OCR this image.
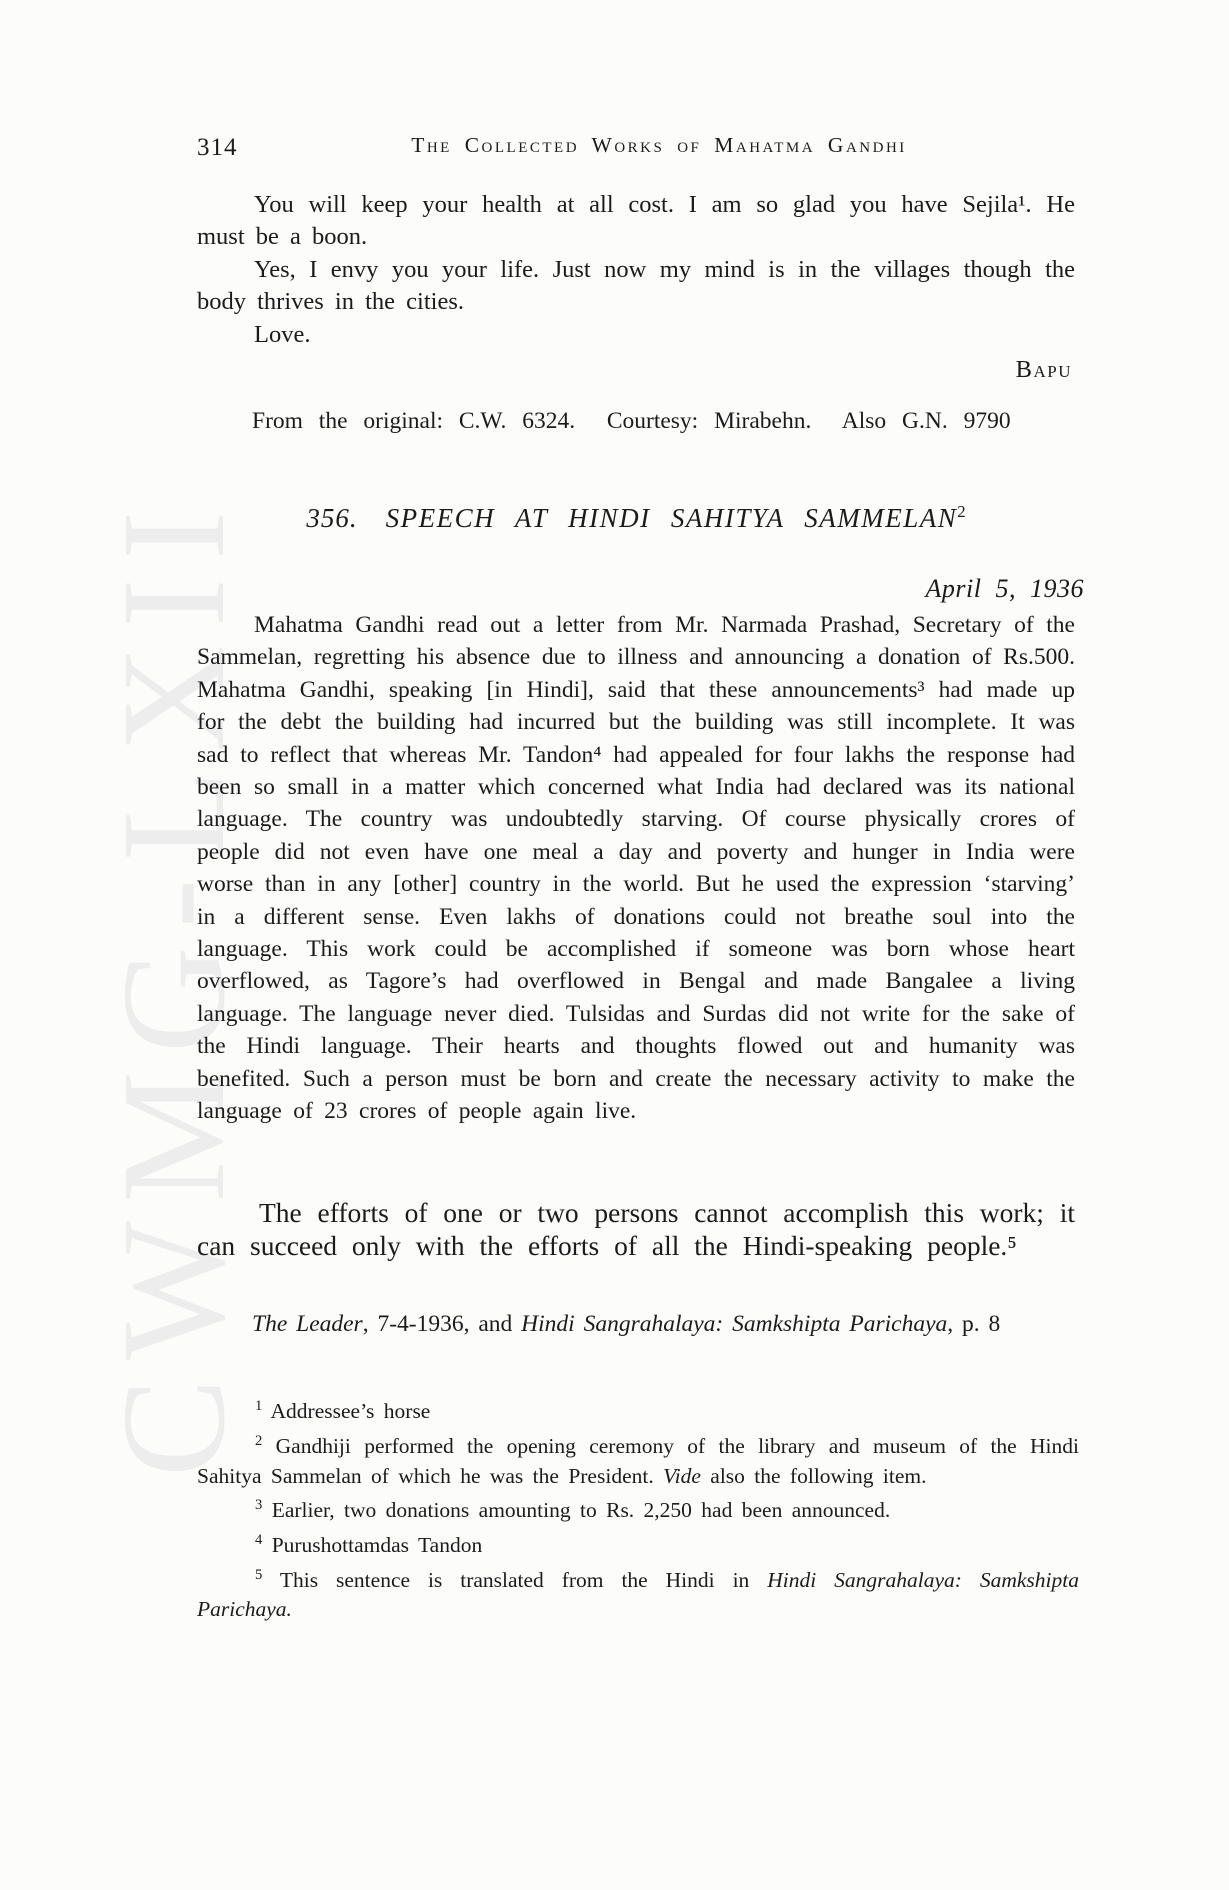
CWMG-LXII
314	The Collected Works of Mahatma Gandhi

You will keep your health at all cost. I am so glad you have Sejila¹. He must be a boon.

Yes, I envy you your life. Just now my mind is in the villages though the body thrives in the cities.

Love.

Bapu

From the original: C.W. 6324.  Courtesy: Mirabehn.  Also G.N. 9790

356. SPEECH AT HINDI SAHITYA SAMMELAN$^2$

April 5, 1936

Mahatma Gandhi read out a letter from Mr. Narmada Prashad, Secretary of the Sammelan, regretting his absence due to illness and announcing a donation of Rs.500. Mahatma Gandhi, speaking [in Hindi], said that these announcements³ had made up for the debt the building had incurred but the building was still incomplete. It was sad to reflect that whereas Mr. Tandon⁴ had appealed for four lakhs the response had been so small in a matter which concerned what India had declared was its national language. The country was undoubtedly starving. Of course physically crores of people did not even have one meal a day and poverty and hunger in India were worse than in any [other] country in the world. But he used the expression ‘starving’ in a different sense. Even lakhs of donations could not breathe soul into the language. This work could be accomplished if someone was born whose heart overflowed, as Tagore’s had overflowed in Bengal and made Bangalee a living language. The language never died. Tulsidas and Surdas did not write for the sake of the Hindi language. Their hearts and thoughts flowed out and humanity was benefited. Such a person must be born and create the necessary activity to make the language of 23 crores of people again live.

The efforts of one or two persons cannot accomplish this work; it can succeed only with the efforts of all the Hindi-speaking people.⁵

The Leader, 7-4-1936, and Hindi Sangrahalaya: Samkshipta Parichaya, p. 8

$^1$ Addressee’s horse

$^2$ Gandhiji performed the opening ceremony of the library and museum of the Hindi Sahitya Sammelan of which he was the President. Vide also the following item.

$^3$ Earlier, two donations amounting to Rs. 2,250 had been announced.

$^4$ Purushottamdas Tandon

$^5$ This sentence is translated from the Hindi in Hindi Sangrahalaya: Samkshipta Parichaya.
